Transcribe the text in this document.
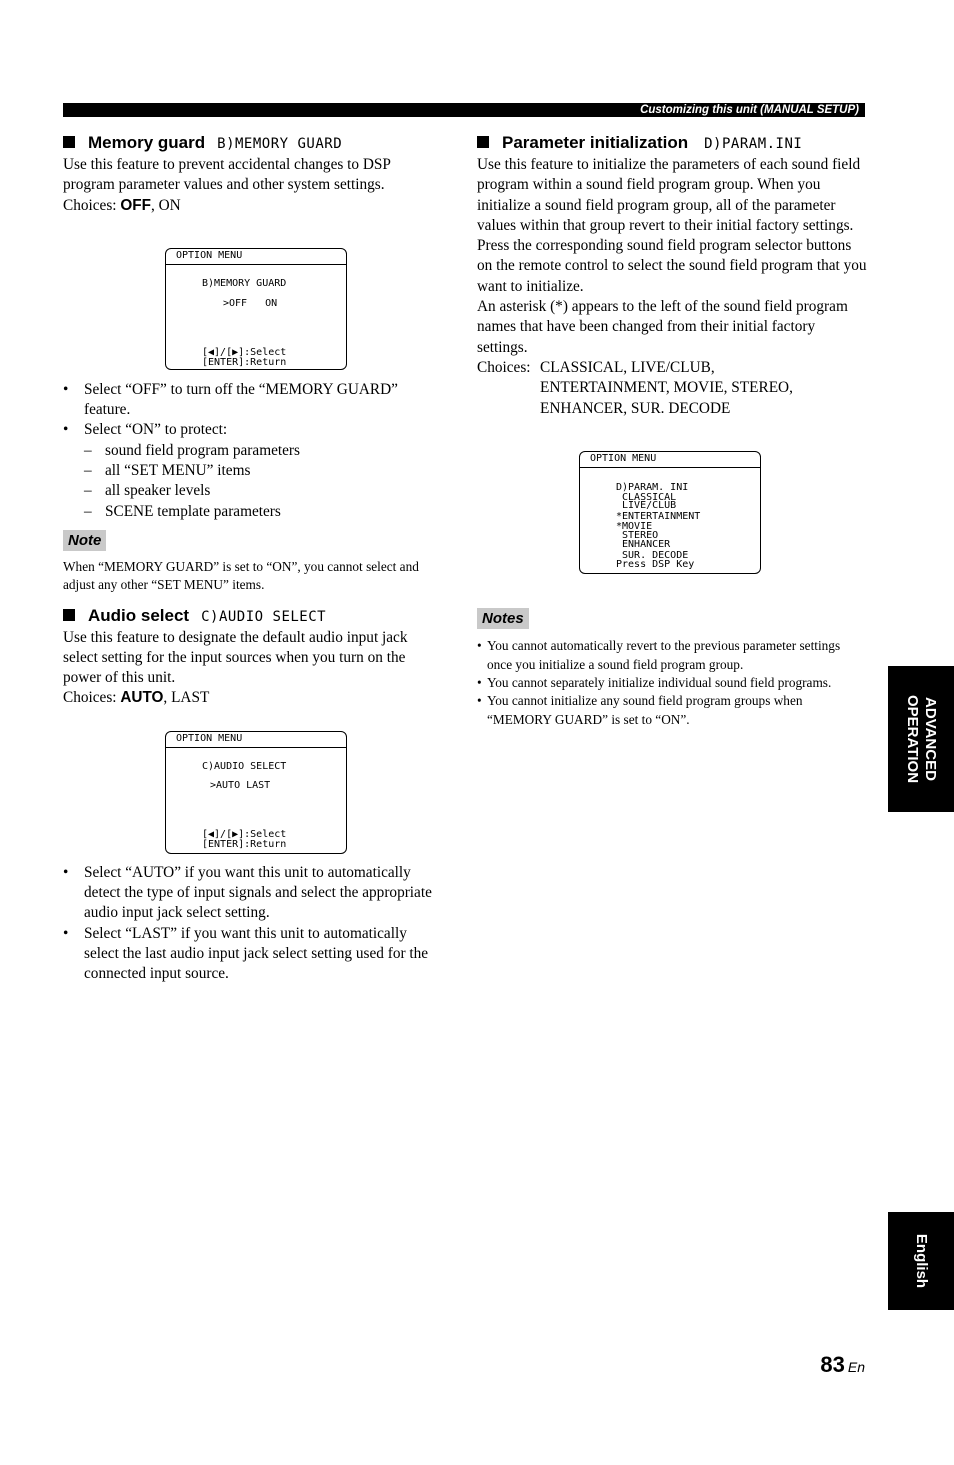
Customizing this unit (MANUAL SETUP)
Memory guard B)MEMORY GUARD

Use this feature to prevent accidental changes to DSP program parameter values and other system settings.
Choices: OFF, ON

OPTION MENU
B)MEMORY GUARD
>OFF   ON
[◀]/[▶]:Select
[ENTER]:Return
• Select “OFF” to turn off the “MEMORY GUARD” feature.
• Select “ON” to protect:
– sound field program parameters
– all “SET MENU” items
– all speaker levels
– SCENE template parameters
Note

When “MEMORY GUARD” is set to “ON”, you cannot select and adjust any other “SET MENU” items.

Audio select C)AUDIO SELECT

Use this feature to designate the default audio input jack select setting for the input sources when you turn on the power of this unit.
Choices: AUTO, LAST

OPTION MENU
C)AUDIO SELECT
>AUTO LAST
[◀]/[▶]:Select
[ENTER]:Return
• Select “AUTO” if you want this unit to automatically detect the type of input signals and select the appropriate audio input jack select setting.
• Select “LAST” if you want this unit to automatically select the last audio input jack select setting used for the connected input source.
Parameter initialization D)PARAM.INI

Use this feature to initialize the parameters of each sound field program within a sound field program group. When you initialize a sound field program group, all of the parameter values within that group revert to their initial factory settings.

Press the corresponding sound field program selector buttons on the remote control to select the sound field program that you want to initialize.

An asterisk (*) appears to the left of the sound field program names that have been changed from their initial factory settings.

Choices: CLASSICAL, LIVE/CLUB,
ENTERTAINMENT, MOVIE, STEREO,
ENHANCER, SUR. DECODE
OPTION MENU
D)PARAM. INI
CLASSICAL
LIVE/CLUB
*ENTERTAINMENT
*MOVIE
STEREO
ENHANCER
SUR. DECODE
Press DSP Key
Notes
• You cannot automatically revert to the previous parameter settings once you initialize a sound field program group.
• You cannot separately initialize individual sound field programs.
• You cannot initialize any sound field program groups when “MEMORY GUARD” is set to “ON”.	ADVANCED
OPERATION
English
83 En
